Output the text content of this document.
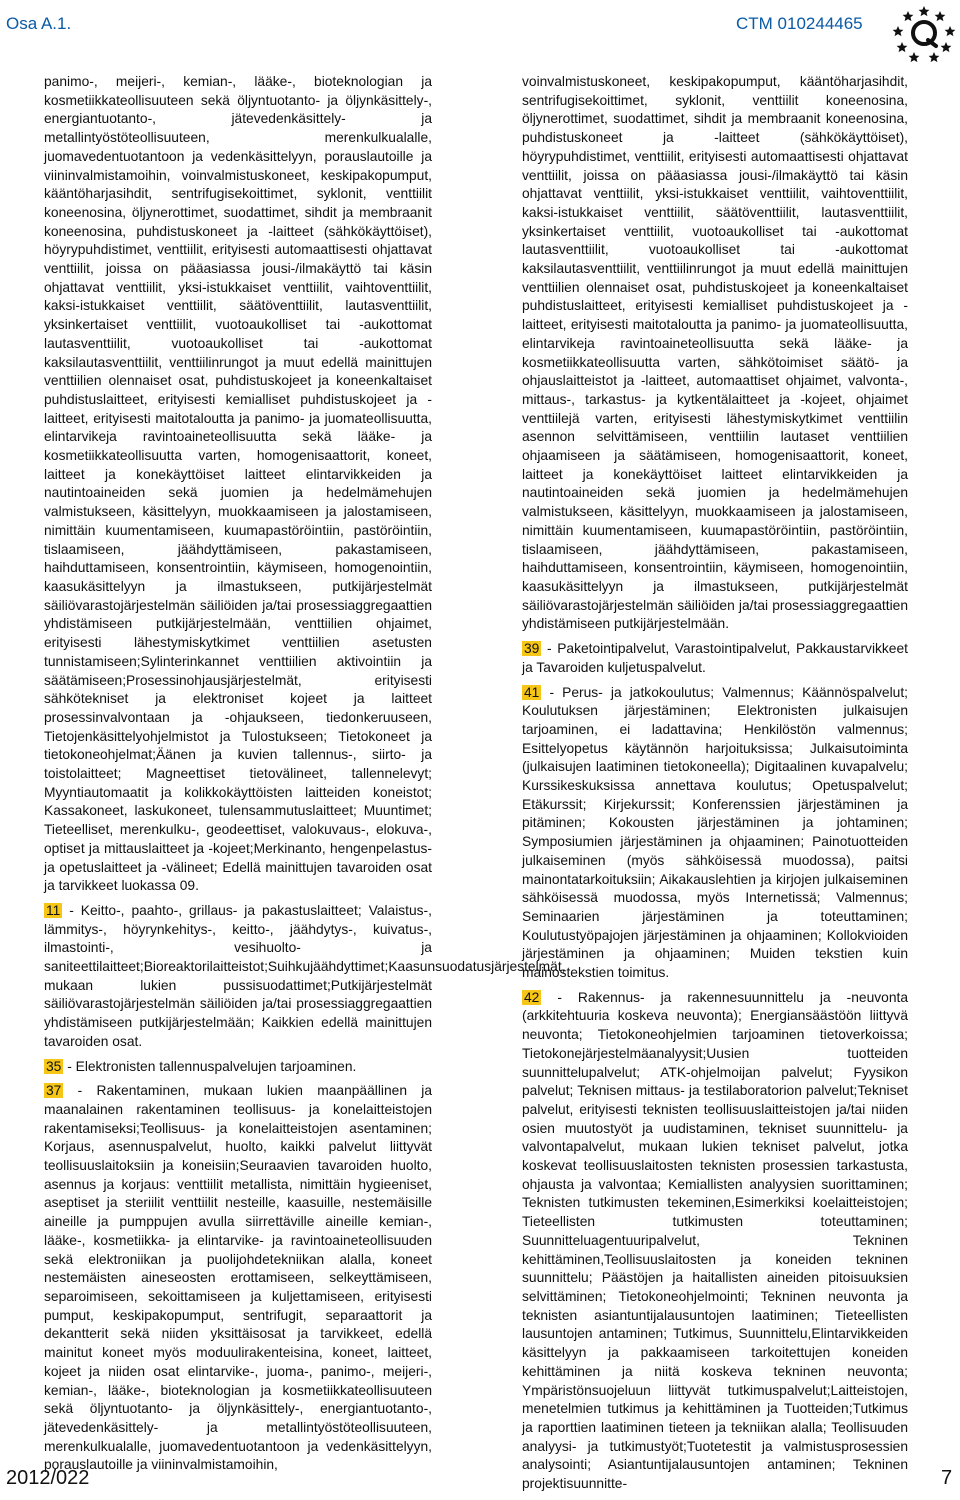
Osa A.1.	CTM 010244465

panimo-, meijeri-, kemian-, lääke-, bioteknologian ja kosmetiikkateollisuuteen sekä öljyntuotanto- ja öljynkäsittely-, energiantuotanto-, jätevedenkäsittely- ja metallintyöstöteollisuuteen, merenkulkualalle, juomavedentuotantoon ja vedenkäsittelyyn, porauslautoille ja viininvalmistamoihin, voinvalmistuskoneet, keskipakopumput, kääntöharjasihdit, sentrifugisekoittimet, syklonit, venttiilit koneenosina, öljynerottimet, suodattimet, sihdit ja membraanit koneenosina, puhdistuskoneet ja -laitteet (sähkökäyttöiset), höyrypuhdistimet, venttiilit, erityisesti automaattisesti ohjattavat venttiilit, joissa on pääasiassa jousi-/ilmakäyttö tai käsin ohjattavat venttiilit, yksi-istukkaiset venttiilit, vaihtoventtiilit, kaksi-istukkaiset venttiilit, säätöventtiilit, lautasventtiilit, yksinkertaiset venttiilit, vuotoaukolliset tai -aukottomat lautasventtiilit, vuotoaukolliset tai -aukottomat kaksilautasventtiilit, venttiilinrungot ja muut edellä mainittujen venttiilien olennaiset osat, puhdistuskojeet ja koneenkaltaiset puhdistuslaitteet, erityisesti kemialliset puhdistuskojeet ja -laitteet, erityisesti maitotaloutta ja panimo- ja juomateollisuutta, elintarvikeja ravintoaineteollisuutta sekä lääke- ja kosmetiikkateollisuutta varten, homogenisaattorit, koneet, laitteet ja konekäyttöiset laitteet elintarvikkeiden ja nautintoaineiden sekä juomien ja hedelmämehujen valmistukseen, käsittelyyn, muokkaamiseen ja jalostamiseen, nimittäin kuumentamiseen, kuumapastöröintiin, pastöröintiin, tislaamiseen, jäähdyttämiseen, pakastamiseen, haihduttamiseen, konsentrointiin, käymiseen, homogenointiin, kaasukäsittelyyn ja ilmastukseen, putkijärjestelmät säiliövarastojärjestelmän säiliöiden ja/tai prosessiaggregaattien yhdistämiseen putkijärjestelmään, venttiilien ohjaimet, erityisesti lähestymiskytkimet venttiilien asetusten tunnistamiseen;Sylinterinkannet venttiilien aktivointiin ja säätämiseen;Prosessinohjausjärjestelmät, erityisesti sähkötekniset ja elektroniset kojeet ja laitteet prosessinvalvontaan ja -ohjaukseen, tiedonkeruuseen, Tietojenkäsittelyohjelmistot ja Tulostukseen; Tietokoneet ja tietokoneohjelmat;Äänen ja kuvien tallennus-, siirto- ja toistolaitteet; Magneettiset tietovälineet, tallennelevyt; Myyntiautomaatit ja kolikkokäyttöisten laitteiden koneistot; Kassakoneet, laskukoneet, tulensammutuslaitteet; Muuntimet; Tieteelliset, merenkulku-, geodeettiset, valokuvaus-, elokuva-, optiset ja mittauslaitteet ja -kojeet;Merkinanto, hengenpelastus- ja opetuslaitteet ja -välineet; Edellä mainittujen tavaroiden osat ja tarvikkeet luokassa 09.

11 - Keitto-, paahto-, grillaus- ja pakastuslaitteet; Valaistus-, lämmitys-, höyrynkehitys-, keitto-, jäähdytys-, kuivatus-, ilmastointi-, vesihuolto- ja saniteettilaitteet;Bioreaktorilaitteistot;Suihkujäähdyttimet;Kaasunsuodatusjärjestelmät, mukaan lukien pussisuodattimet;Putkijärjestelmät säiliövarastojärjestelmän säiliöiden ja/tai prosessiaggregaattien yhdistämiseen putkijärjestelmään; Kaikkien edellä mainittujen tavaroiden osat.

35 - Elektronisten tallennuspalvelujen tarjoaminen.

37 - Rakentaminen, mukaan lukien maanpäällinen ja maanalainen rakentaminen teollisuus- ja konelaitteistojen rakentamiseksi;Teollisuus- ja konelaitteistojen asentaminen; Korjaus, asennuspalvelut, huolto, kaikki palvelut liittyvät teollisuuslaitoksiin ja koneisiin;Seuraavien tavaroiden huolto, asennus ja korjaus: venttiilit metallista, nimittäin hygieeniset, aseptiset ja steriilit venttiilit nesteille, kaasuille, nestemäisille aineille ja pumppujen avulla siirrettäville aineille kemian-, lääke-, kosmetiikka- ja elintarvike- ja ravintoaineteollisuuden sekä elektroniikan ja puolijohdetekniikan alalla, koneet nestemäisten aineseosten erottamiseen, selkeyttämiseen, separoimiseen, sekoittamiseen ja kuljettamiseen, erityisesti pumput, keskipakopumput, sentrifugit, separaattorit ja dekantterit sekä niiden yksittäisosat ja tarvikkeet, edellä mainitut koneet myös moduulirakenteisina, koneet, laitteet, kojeet ja niiden osat elintarvike-, juoma-, panimo-, meijeri-, kemian-, lääke-, bioteknologian ja kosmetiikkateollisuuteen sekä öljyntuotanto- ja öljynkäsittely-, energiantuotanto-, jätevedenkäsittely- ja metallintyöstöteollisuuteen, merenkulkualalle, juomavedentuotantoon ja vedenkäsittelyyn, porauslautoille ja viininvalmistamoihin,

voinvalmistuskoneet, keskipakopumput, kääntöharjasihdit, sentrifugisekoittimet, syklonit, venttiilit koneenosina, öljynerottimet, suodattimet, sihdit ja membraanit koneenosina, puhdistuskoneet ja -laitteet (sähkökäyttöiset), höyrypuhdistimet, venttiilit, erityisesti automaattisesti ohjattavat venttiilit, joissa on pääasiassa jousi-/ilmakäyttö tai käsin ohjattavat venttiilit, yksi-istukkaiset venttiilit, vaihtoventtiilit, kaksi-istukkaiset venttiilit, säätöventtiilit, lautasventtiilit, yksinkertaiset venttiilit, vuotoaukolliset tai -aukottomat lautasventtiilit, vuotoaukolliset tai -aukottomat kaksilautasventtiilit, venttiilinrungot ja muut edellä mainittujen venttiilien olennaiset osat, puhdistuskojeet ja koneenkaltaiset puhdistuslaitteet, erityisesti kemialliset puhdistuskojeet ja -laitteet, erityisesti maitotaloutta ja panimo- ja juomateollisuutta, elintarvikeja ravintoaineteollisuutta sekä lääke- ja kosmetiikkateollisuutta varten, sähkötoimiset säätö- ja ohjauslaitteistot ja -laitteet, automaattiset ohjaimet, valvonta-, mittaus-, tarkastus- ja kytkentälaitteet ja -kojeet, ohjaimet venttiilejä varten, erityisesti lähestymiskytkimet venttiilin asennon selvittämiseen, venttiilin lautaset venttiilien ohjaamiseen ja säätämiseen, homogenisaattorit, koneet, laitteet ja konekäyttöiset laitteet elintarvikkeiden ja nautintoaineiden sekä juomien ja hedelmämehujen valmistukseen, käsittelyyn, muokkaamiseen ja jalostamiseen, nimittäin kuumentamiseen, kuumapastöröintiin, pastöröintiin, tislaamiseen, jäähdyttämiseen, pakastamiseen, haihduttamiseen, konsentrointiin, käymiseen, homogenointiin, kaasukäsittelyyn ja ilmastukseen, putkijärjestelmät säiliövarastojärjestelmän säiliöiden ja/tai prosessiaggregaattien yhdistämiseen putkijärjestelmään.

39 - Paketointipalvelut, Varastointipalvelut, Pakkaustarvikkeet ja Tavaroiden kuljetuspalvelut.

41 - Perus- ja jatkokoulutus; Valmennus; Käännöspalvelut; Koulutuksen järjestäminen; Elektronisten julkaisujen tarjoaminen, ei ladattavina; Henkilöstön valmennus; Esittelyopetus käytännön harjoituksissa; Julkaisutoiminta (julkaisujen laatiminen tietokoneella); Digitaalinen kuvapalvelu; Kurssikeskuksissa annettava koulutus; Opetuspalvelut; Etäkurssit; Kirjekurssit; Konferenssien järjestäminen ja pitäminen; Kokousten järjestäminen ja johtaminen; Symposiumien järjestäminen ja ohjaaminen; Painotuotteiden julkaiseminen (myös sähköisessä muodossa), paitsi mainontatarkoituksiin; Aikakauslehtien ja kirjojen julkaiseminen sähköisessä muodossa, myös Internetissä; Valmennus; Seminaarien järjestäminen ja toteuttaminen; Koulutustyöpajojen järjestäminen ja ohjaaminen; Kollokvioiden järjestäminen ja ohjaaminen; Muiden tekstien kuin mainostekstien toimitus.

42 - Rakennus- ja rakennesuunnittelu ja -neuvonta (arkkitehtuuria koskeva neuvonta); Energiansäästöön liittyvä neuvonta; Tietokoneohjelmien tarjoaminen tietoverkoissa; Tietokonejärjestelmäanalyysit;Uusien tuotteiden suunnittelupalvelut; ATK-ohjelmoijan palvelut; Fyysikon palvelut; Teknisen mittaus- ja testilaboratorion palvelut;Tekniset palvelut, erityisesti teknisten teollisuuslaitteistojen ja/tai niiden osien muutostyöt ja uudistaminen, tekniset suunnittelu- ja valvontapalvelut, mukaan lukien tekniset palvelut, jotka koskevat teollisuuslaitosten teknisten prosessien tarkastusta, ohjausta ja valvontaa; Kemiallisten analyysien suorittaminen; Teknisten tutkimusten tekeminen,Esimerkiksi koelaitteistojen; Tieteellisten tutkimusten toteuttaminen; Suunnitteluagentuuripalvelut, Tekninen kehittäminen,Teollisuuslaitosten ja koneiden tekninen suunnittelu; Päästöjen ja haitallisten aineiden pitoisuuksien selvittäminen; Tietokoneohjelmointi; Tekninen neuvonta ja teknisten asiantuntijalausuntojen laatiminen; Tieteellisten lausuntojen antaminen; Tutkimus, Suunnittelu,Elintarvikkeiden käsittelyyn ja pakkaamiseen tarkoitettujen koneiden kehittäminen ja niitä koskeva tekninen neuvonta; Ympäristönsuojeluun liittyvät tutkimuspalvelut;Laitteistojen, menetelmien tutkimus ja kehittäminen ja Tuotteiden;Tutkimus ja raporttien laatiminen tieteen ja tekniikan alalla; Teollisuuden analyysi- ja tutkimustyöt;Tuotetestit ja valmistusprosessien analysointi; Asiantuntijalausuntojen antaminen; Tekninen projektisuunnitte-

2012/022	7
